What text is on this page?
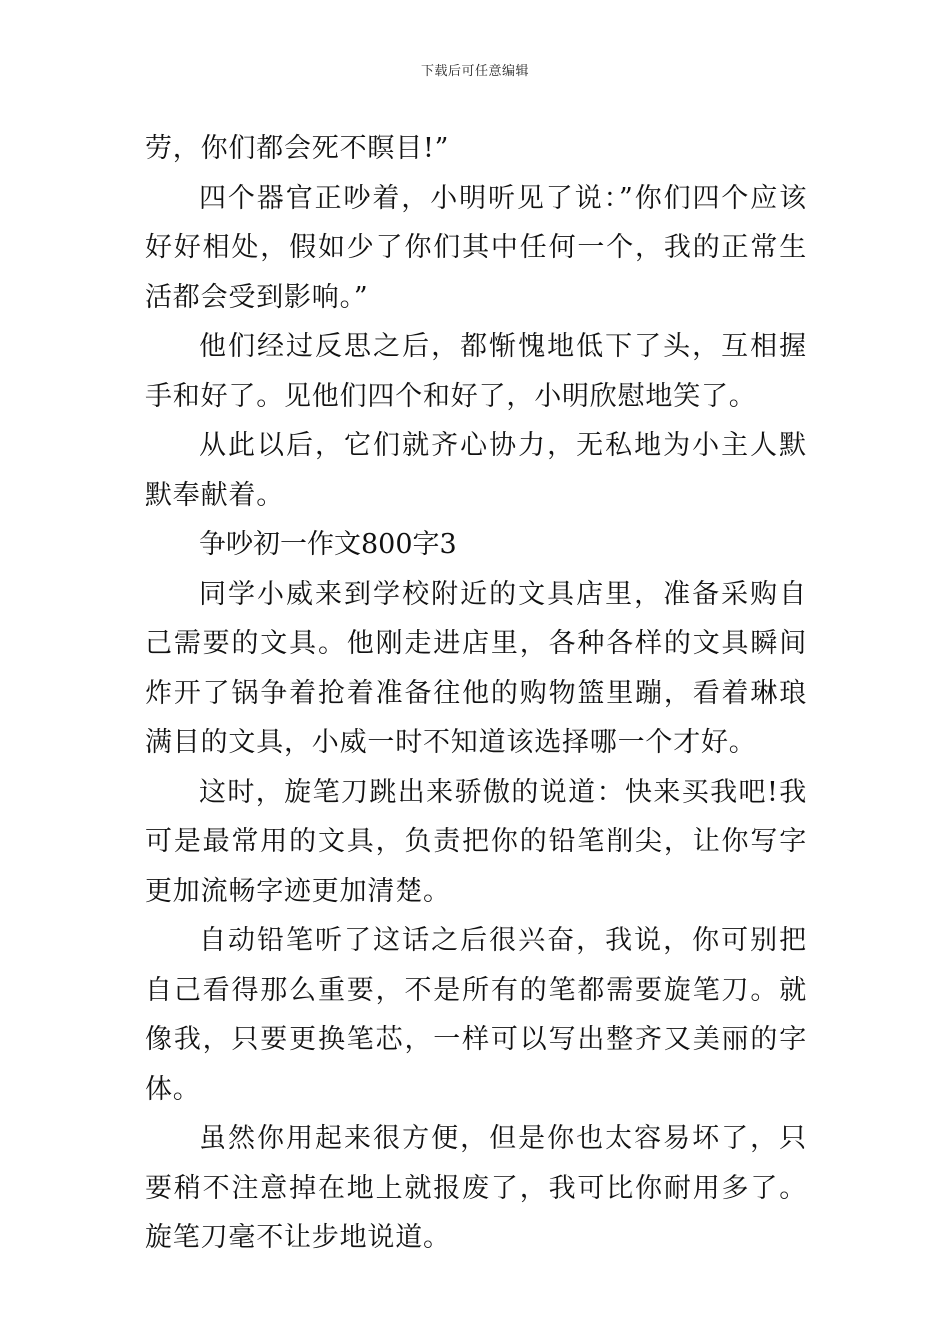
下载后可任意编辑

劳，你们都会死不瞑目!”

四个器官正吵着，小明听见了说：”你们四个应该好好相处，假如少了你们其中任何一个，我的正常生活都会受到影响。”

他们经过反思之后，都惭愧地低下了头，互相握手和好了。见他们四个和好了，小明欣慰地笑了。

从此以后，它们就齐心协力，无私地为小主人默默奉献着。

争吵初一作文800字3

同学小威来到学校附近的文具店里，准备采购自己需要的文具。他刚走进店里，各种各样的文具瞬间炸开了锅争着抢着准备往他的购物篮里蹦，看着琳琅满目的文具，小威一时不知道该选择哪一个才好。

这时，旋笔刀跳出来骄傲的说道：快来买我吧!我可是最常用的文具，负责把你的铅笔削尖，让你写字更加流畅字迹更加清楚。

自动铅笔听了这话之后很兴奋，我说，你可别把自己看得那么重要，不是所有的笔都需要旋笔刀。就像我，只要更换笔芯，一样可以写出整齐又美丽的字体。

虽然你用起来很方便，但是你也太容易坏了，只要稍不注意掉在地上就报废了，我可比你耐用多了。旋笔刀毫不让步地说道。
